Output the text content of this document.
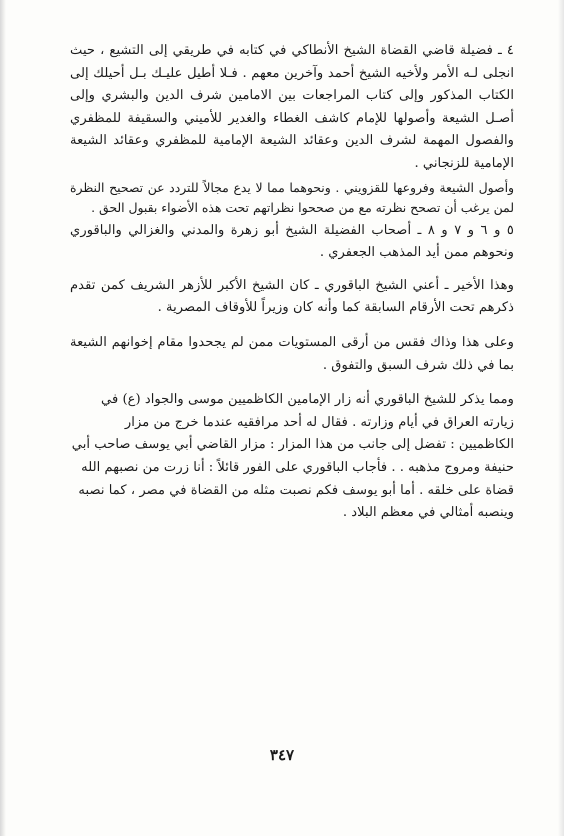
٤ ـ فضيلة قاضي القضاة الشيخ الأنطاكي في كتابه في طريقي إلى التشيع ، حيث انجلى لـه الأمر ولأخيه الشيخ أحمد وآخرين معهم . فـلا أطيل عليـك بـل أحيلك إلى الكتاب المذكور وإلى كتاب المراجعات بين الامامين شرف الدين والبشري وإلى أصـل الشيعة وأصولها للإمام كاشف الغطاء والغدير للأميني والسقيفة للمظفري والفصول المهمة لشرف الدين وعقائد الشيعة الإمامية للمظفري وعقائد الشيعة الإمامية للزنجاني .

وأصول الشيعة وفروعها للقزويني . ونحوهما مما لا يدع مجالاً للتردد عن تصحيح النظرة لمن يرغب أن تصحح نظرته مع من صححوا نظراتهم تحت هذه الأضواء بقبول الحق .

٥ و ٦ و ٧ و ٨ ـ أصحاب الفضيلة الشيخ أبو زهرة والمدني والغزالي والباقوري ونحوهم ممن أيد المذهب الجعفري .

وهذا الأخير ـ أعني الشيخ الباقوري ـ كان الشيخ الأكبر للأزهر الشريف كمن تقدم ذكرهم تحت الأرقام السابقة كما وأنه كان وزيراً للأوقاف المصرية .

وعلى هذا وذاك فقس من أرقى المستويات ممن لم يجحدوا مقام إخوانهم الشيعة بما في ذلك شرف السبق والتفوق .

ومما يذكر للشيخ الباقوري أنه زار الإمامين الكاظميين موسى والجواد (ع) في زيارته العراق في أيام وزارته . فقال له أحد مرافقيه عندما خرج من مزار الكاظميين : تفضل إلى جانب من هذا المزار : مزار القاضي أبي يوسف صاحب أبي حنيفة ومروج مذهبه . . فأجاب الباقوري على الفور قائلاً : أنا زرت من نصبهم الله قضاة على خلقه . أما أبو يوسف فكم نصبت مثله من القضاة في مصر ، كما نصبه وينصبه أمثالي في معظم البلاد .

٣٤٧
